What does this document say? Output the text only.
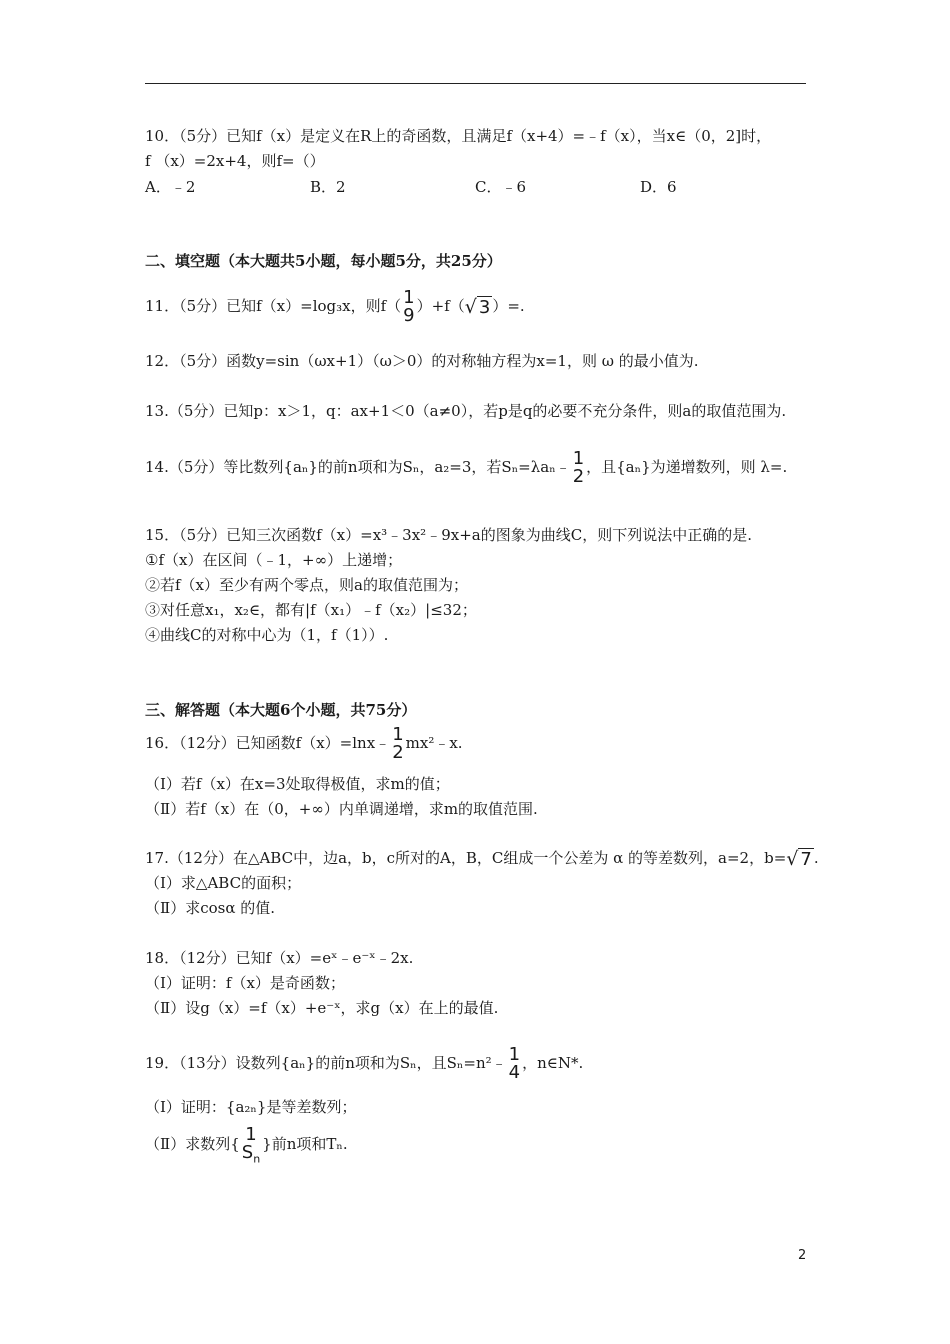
10．（5分）已知f（x）是定义在R上的奇函数，且满足f（x+4）=﹣f（x），当x∈（0，2]时，
f （x）=2x+4，则f=（）
A．﹣2	B．2	C．﹣6	D．6
二、填空题（本大题共5小题，每小题5分，共25分）
11．（5分）已知f（x）=log₃x，则f（ 1
9 ）+f（√ 3 ）=.
12．（5分）函数y=sin（ωx+1）（ω＞0）的对称轴方程为x=1，则 ω 的最小值为.
13.（5分）已知p：x＞1，q：ax+1＜0（a≠0），若p是q的必要不充分条件，则a的取值范围为.
14.（5分）等比数列{aₙ}的前n项和为Sₙ，a₂=3，若Sₙ=λaₙ﹣ 1
2 ，且{aₙ}为递增数列，则 λ=.
15．（5分）已知三次函数f（x）=x³﹣3x²﹣9x+a的图象为曲线C，则下列说法中正确的是.
①f（x）在区间（﹣1，+∞）上递增；
②若f（x）至少有两个零点，则a的取值范围为；
③对任意x₁，x₂∈，都有|f（x₁）﹣f（x₂）|≤32；
④曲线C的对称中心为（1，f（1））.
三、解答题（本大题6个小题，共75分）
16．（12分）已知函数f（x）=lnx﹣ 1
2 mx²﹣x.
（Ⅰ）若f（x）在x=3处取得极值，求m的值；
（Ⅱ）若f（x）在（0，+∞）内单调递增，求m的取值范围.
17.（12分）在△ABC中，边a，b，c所对的A，B，C组成一个公差为 α 的等差数列，a=2，b=√ 7 .
（Ⅰ）求△ABC的面积；
（Ⅱ）求cosα 的值.
18．（12分）已知f（x）=eˣ﹣e⁻ˣ﹣2x.
（Ⅰ）证明：f（x）是奇函数；
（Ⅱ）设g（x）=f（x）+e⁻ˣ，求g（x）在上的最值.
19．（13分）设数列{aₙ}的前n项和为Sₙ，且Sₙ=n²﹣ 1
4 ，n∈N*.
（Ⅰ）证明：{a₂ₙ}是等差数列；
（Ⅱ）求数列{ 1
$S_n$
}前n项和Tₙ.
2
